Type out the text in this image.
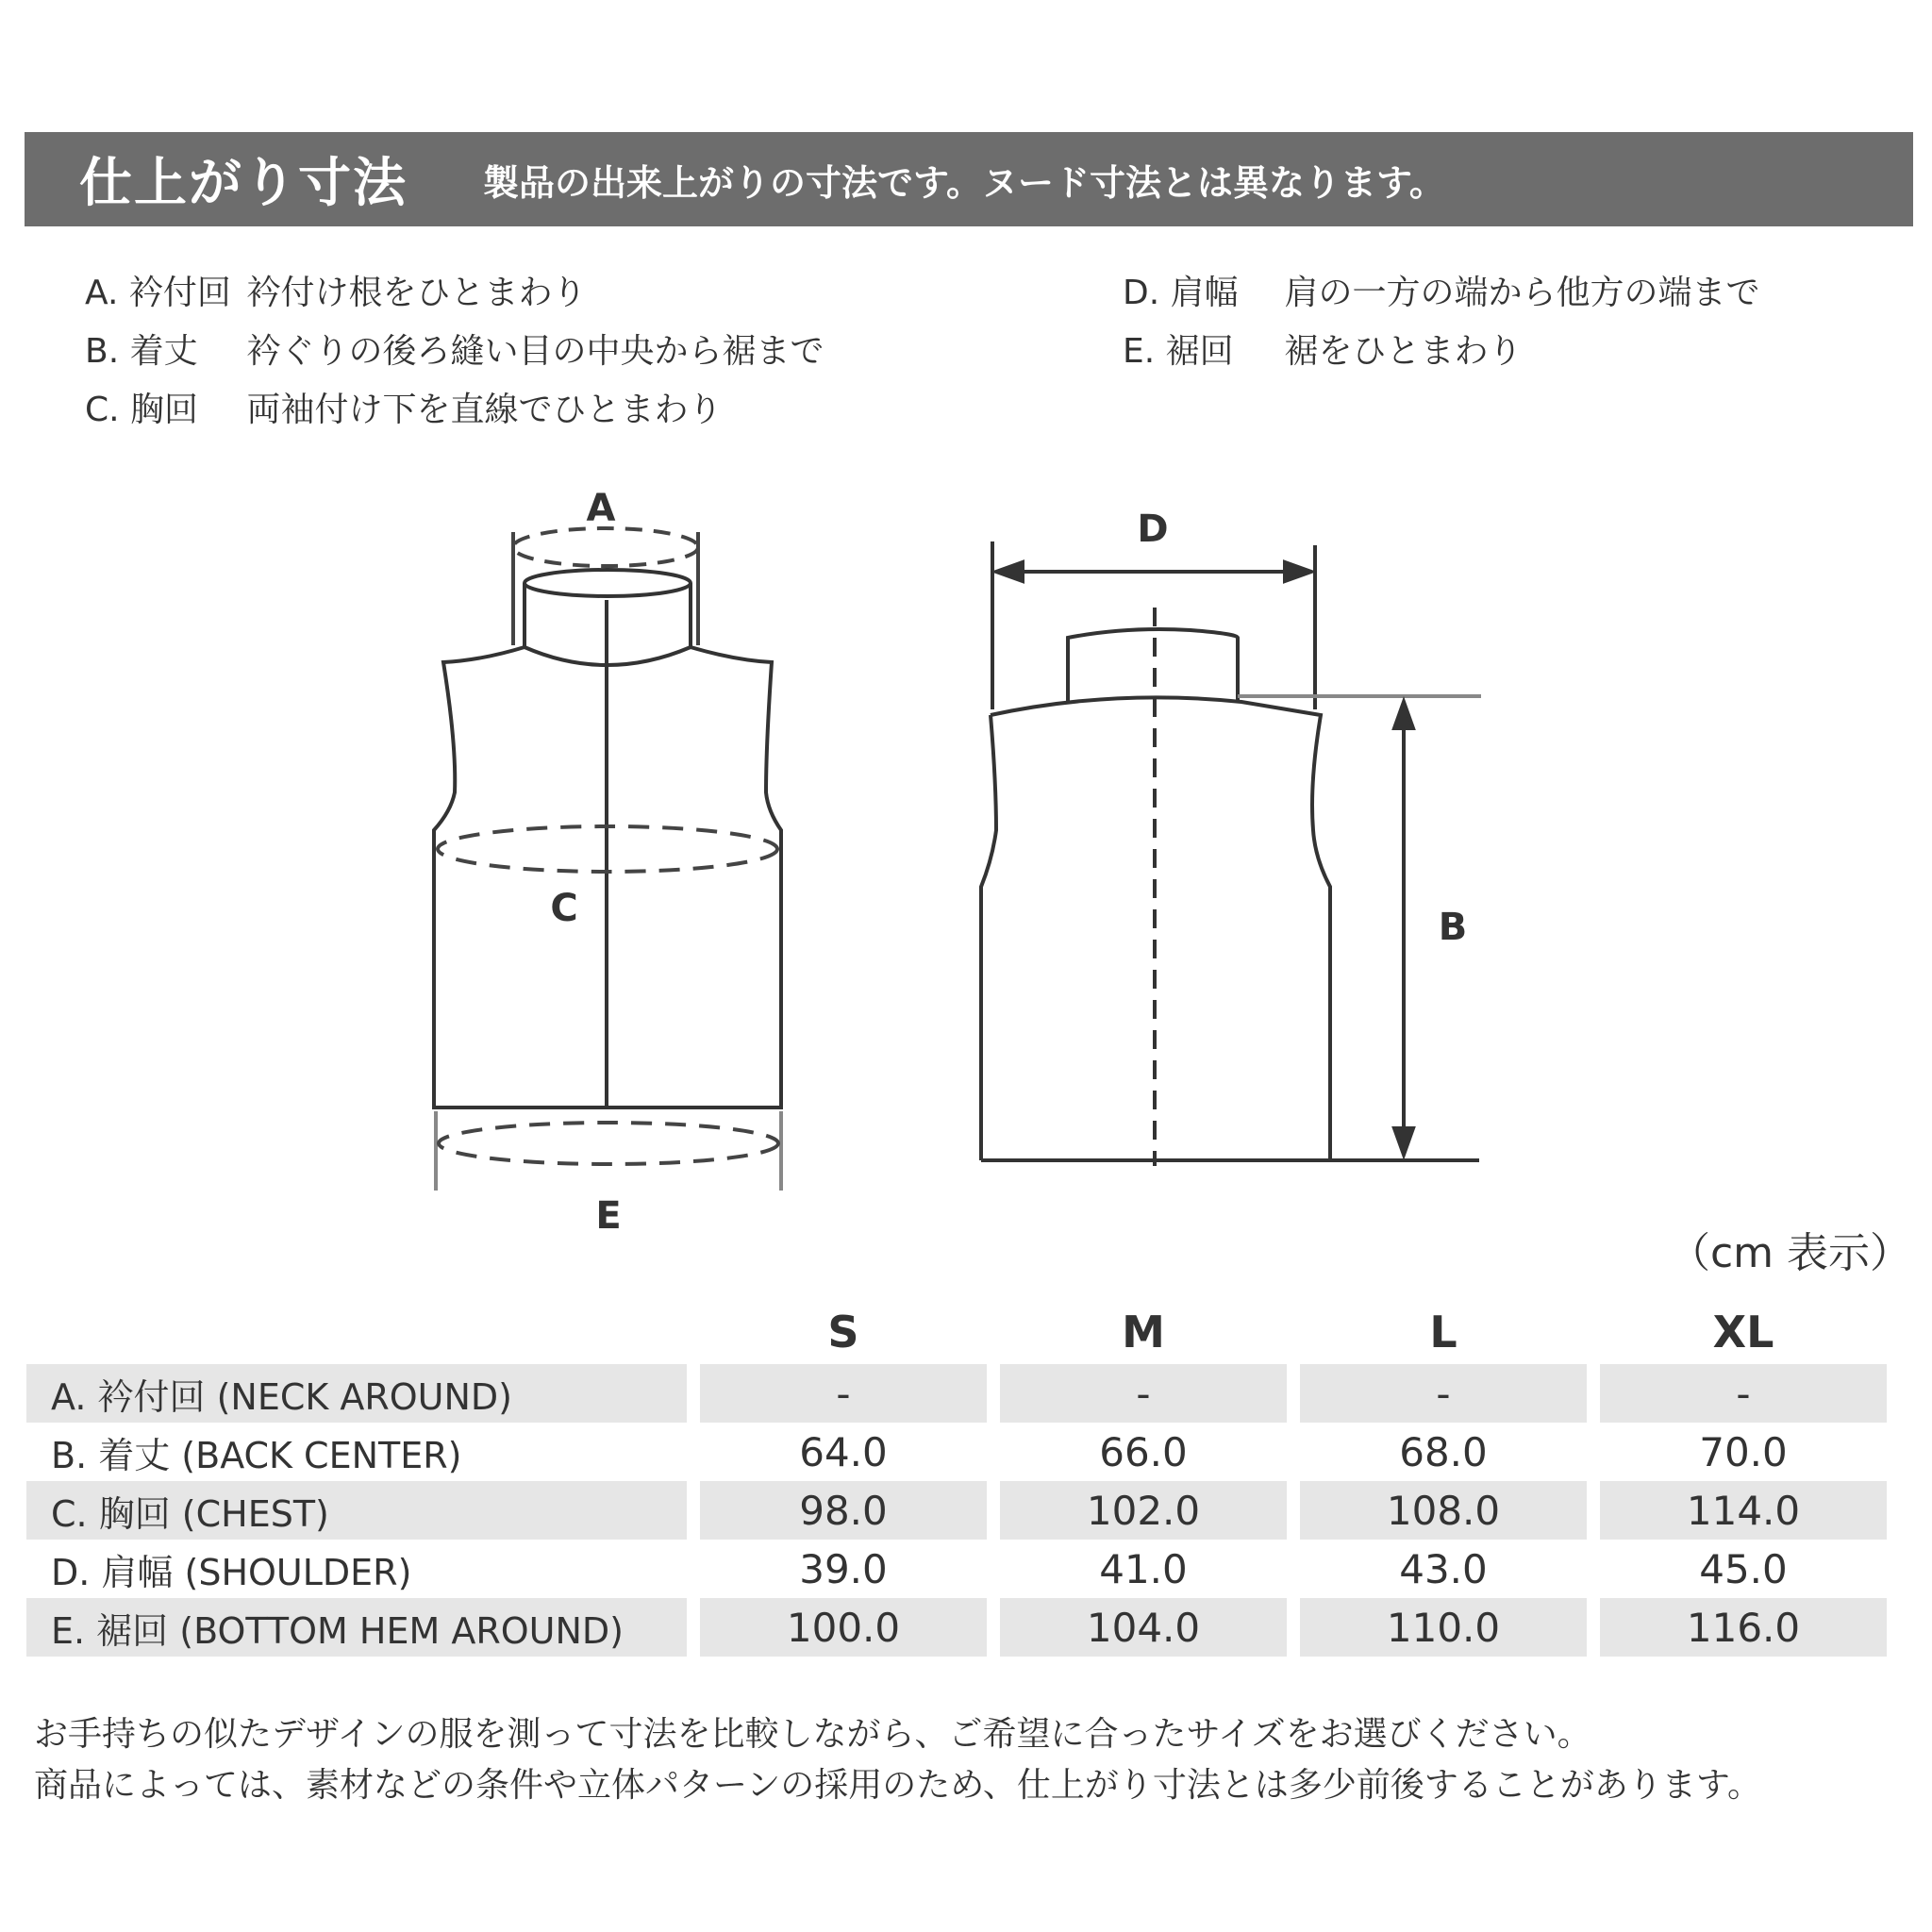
仕上がり寸法 製品の出来上がりの寸法です。ヌード寸法とは異なります。
A. 衿付回 衿付け根をひとまわり
B. 着丈 衿ぐりの後ろ縫い目の中央から裾まで
C. 胸回 両袖付け下を直線でひとまわり
D. 肩幅 肩の一方の端から他方の端まで
E. 裾回 裾をひとまわり
A
C
E
D
B
（cm 表示）
	S	M	L	XL
A. 衿付回 (NECK AROUND)	-	-	-	-
B. 着丈 (BACK CENTER)	64.0	66.0	68.0	70.0
C. 胸回 (CHEST)	98.0	102.0	108.0	114.0
D. 肩幅 (SHOULDER)	39.0	41.0	43.0	45.0
E. 裾回 (BOTTOM HEM AROUND)	100.0	104.0	110.0	116.0
お手持ちの似たデザインの服を測って寸法を比較しながら、ご希望に合ったサイズをお選びください。
商品によっては、素材などの条件や立体パターンの採用のため、仕上がり寸法とは多少前後することがあります。
